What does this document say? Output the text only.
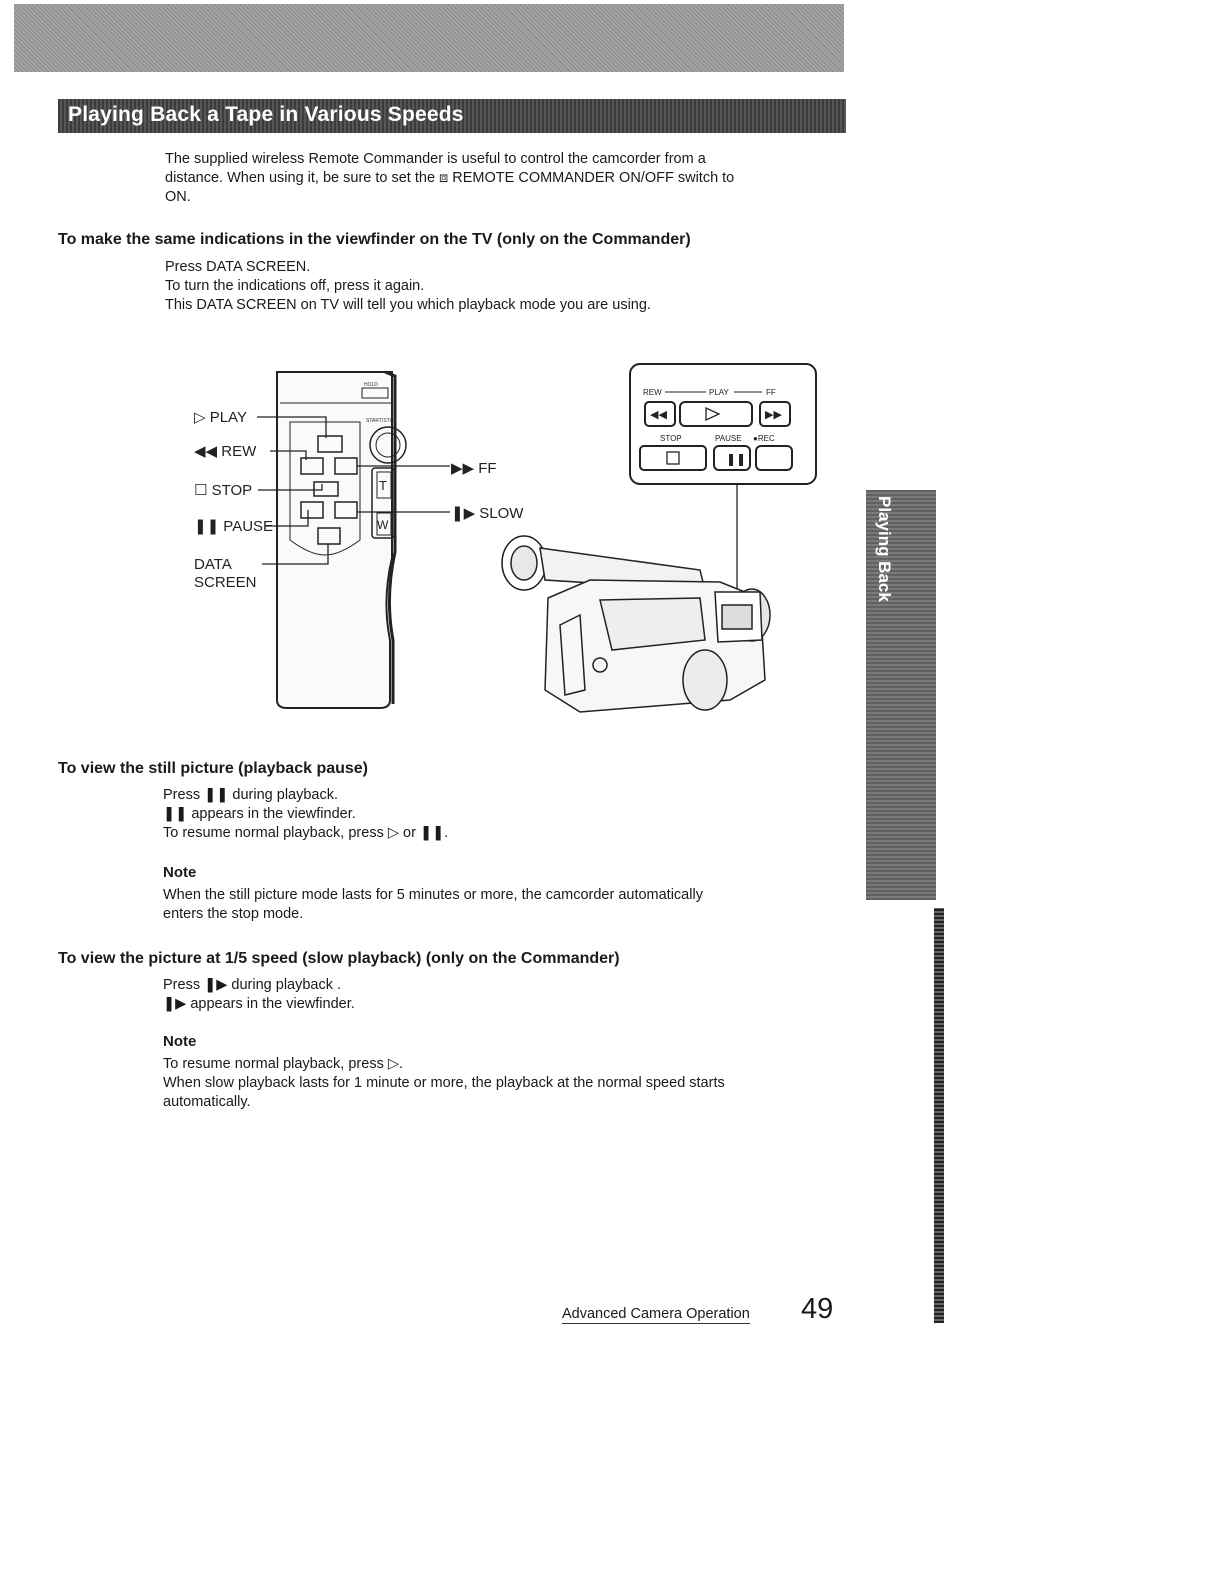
Playing Back a Tape in Various Speeds

The supplied wireless Remote Commander is useful to control the camcorder from a
distance. When using it, be sure to set the ⧈ REMOTE COMMANDER ON/OFF switch to
ON.

To make the same indications in the viewfinder on the TV (only on the Commander)

Press DATA SCREEN.
To turn the indications off, press it again.
This DATA SCREEN on TV will tell you which playback mode you are using.

HOLD
START/STOP
T
W
▷ PLAY
◀◀ REW
☐ STOP
❚❚ PAUSE
DATA
SCREEN
▶▶ FF
❚▶ SLOW
◀◀	▶▶
❚❚
REW	PLAY	FF
STOP	PAUSE ●REC
To view the still picture (playback pause)

Press ❚❚ during playback.
❚❚ appears in the viewfinder.
To resume normal playback, press ▷ or ❚❚.

Note

When the still picture mode lasts for 5 minutes or more, the camcorder automatically
enters the stop mode.

To view the picture at 1/5 speed (slow playback) (only on the Commander)

Press ❚▶ during playback .
❚▶ appears in the viewfinder.

Note

To resume normal playback, press ▷.
When slow playback lasts for 1 minute or more, the playback at the normal speed starts
automatically.

Playing Back
Advanced Camera Operation 49
